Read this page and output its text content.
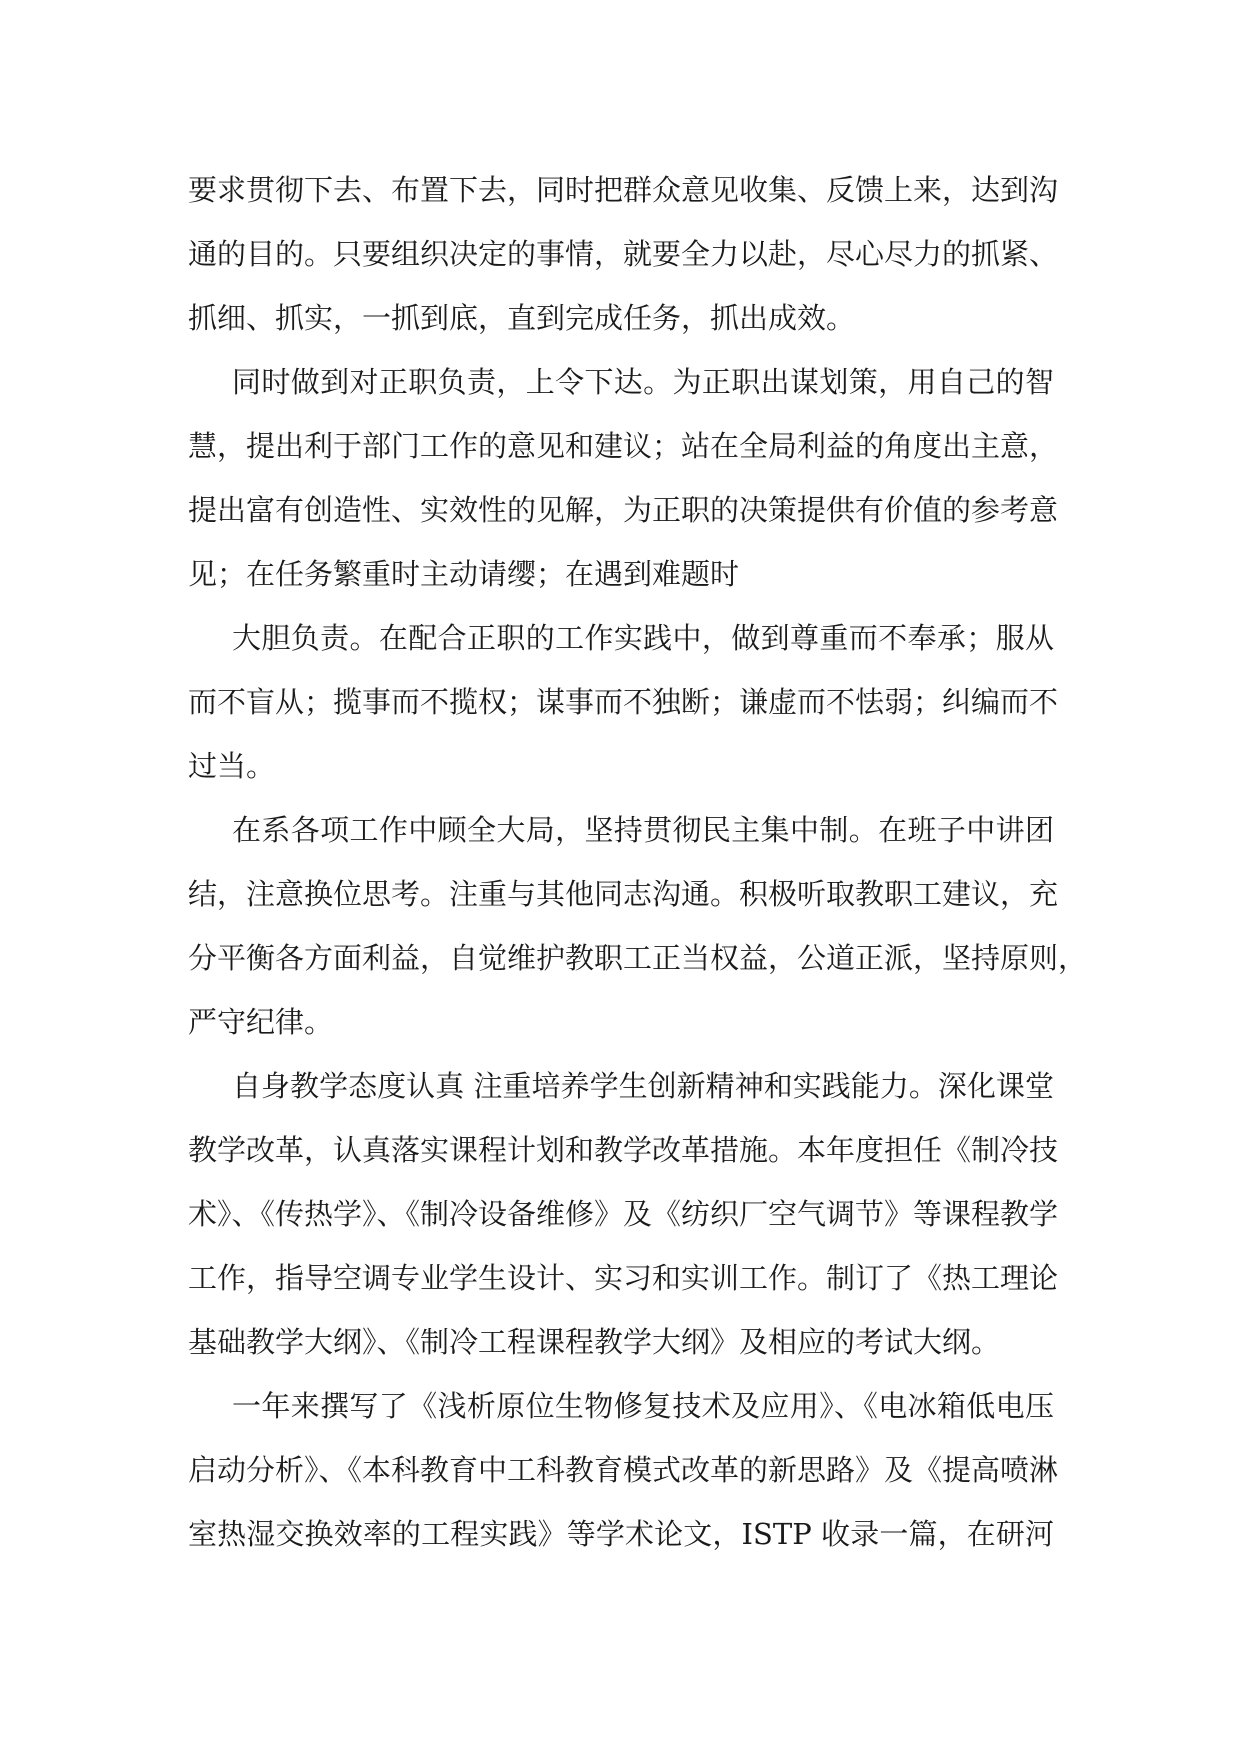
要求贯彻下去、布置下去，同时把群众意见收集、反馈上来，达到沟
通的目的。只要组织决定的事情，就要全力以赴，尽心尽力的抓紧、
抓细、抓实，一抓到底，直到完成任务，抓出成效。
同时做到对正职负责，上令下达。为正职出谋划策，用自己的智
慧，提出利于部门工作的意见和建议；站在全局利益的角度出主意，
提出富有创造性、实效性的见解，为正职的决策提供有价值的参考意
见；在任务繁重时主动请缨；在遇到难题时
大胆负责。在配合正职的工作实践中，做到尊重而不奉承；服从
而不盲从；揽事而不揽权；谋事而不独断；谦虚而不怯弱；纠编而不
过当。
在系各项工作中顾全大局，坚持贯彻民主集中制。在班子中讲团
结，注意换位思考。注重与其他同志沟通。积极听取教职工建议，充
分平衡各方面利益，自觉维护教职工正当权益，公道正派，坚持原则，
严守纪律。
自身教学态度认真 注重培养学生创新精神和实践能力。深化课堂
教学改革，认真落实课程计划和教学改革措施。本年度担任《制冷技
术》、《传热学》、《制冷设备维修》及《纺织厂空气调节》等课程教学
工作，指导空调专业学生设计、实习和实训工作。制订了《热工理论
基础教学大纲》、《制冷工程课程教学大纲》及相应的考试大纲。
一年来撰写了《浅析原位生物修复技术及应用》、《电冰箱低电压
启动分析》、《本科教育中工科教育模式改革的新思路》及《提高喷淋
室热湿交换效率的工程实践》等学术论文，ISTP 收录一篇，在研河
